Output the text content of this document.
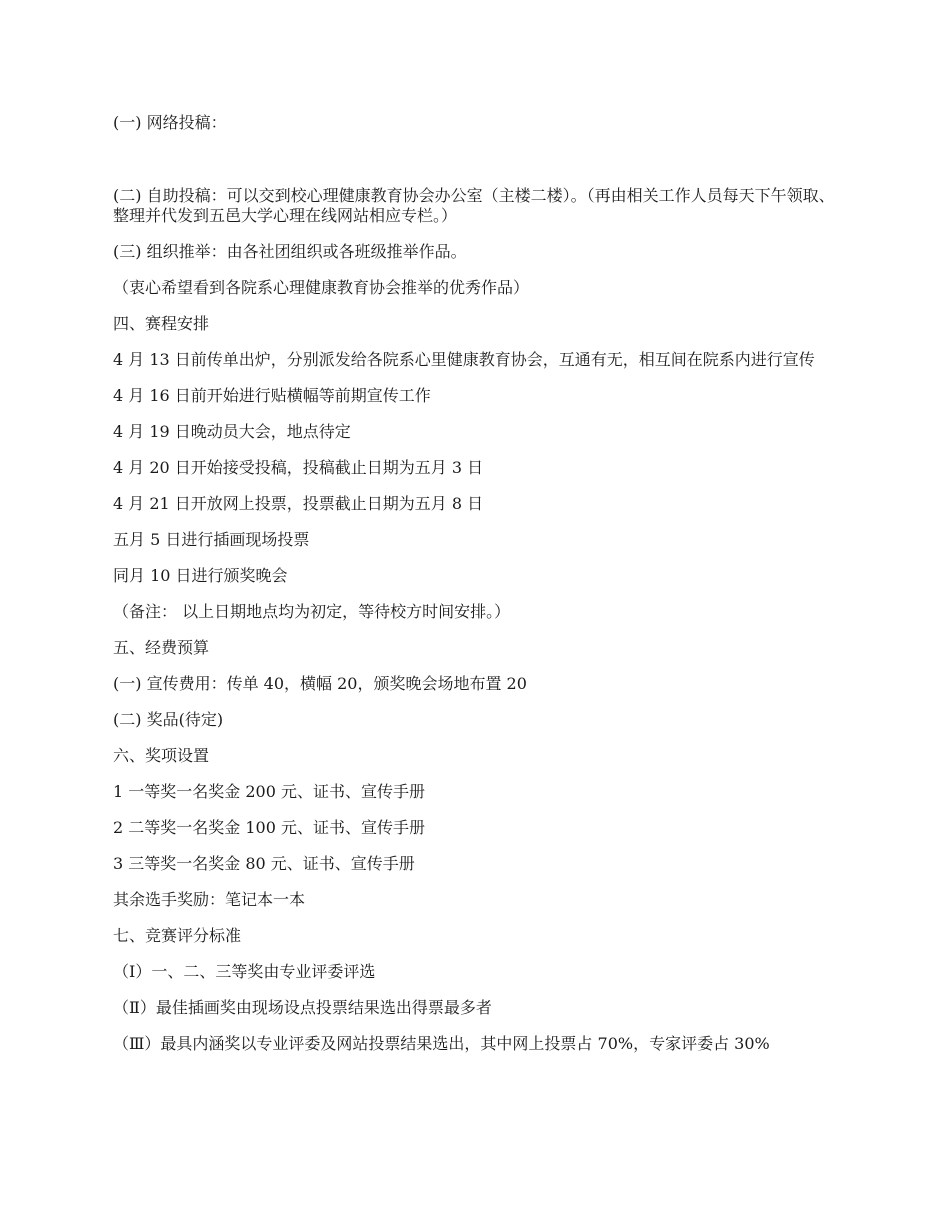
(一) 网络投稿：

(二) 自助投稿：可以交到校心理健康教育协会办公室（主楼二楼）。（再由相关工作人员每天下午领取、整理并代发到五邑大学心理在线网站相应专栏。）

(三) 组织推举：由各社团组织或各班级推举作品。

（衷心希望看到各院系心理健康教育协会推举的优秀作品）

四、赛程安排

4 月 13 日前传单出炉，分别派发给各院系心里健康教育协会，互通有无，相互间在院系内进行宣传

4 月 16 日前开始进行贴横幅等前期宣传工作

4 月 19 日晚动员大会，地点待定

4 月 20 日开始接受投稿，投稿截止日期为五月 3 日

4 月 21 日开放网上投票，投票截止日期为五月 8 日

五月 5 日进行插画现场投票

同月 10 日进行颁奖晚会

（备注： 以上日期地点均为初定，等待校方时间安排。）

五、经费预算

(一) 宣传费用：传单 40，横幅 20，颁奖晚会场地布置 20

(二) 奖品(待定)

六、奖项设置

1 一等奖一名奖金 200 元、证书、宣传手册

2 二等奖一名奖金 100 元、证书、宣传手册

3 三等奖一名奖金 80 元、证书、宣传手册

其余选手奖励：笔记本一本

七、竞赛评分标准

（Ⅰ）一、二、三等奖由专业评委评选

（Ⅱ）最佳插画奖由现场设点投票结果选出得票最多者

（Ⅲ）最具内涵奖以专业评委及网站投票结果选出，其中网上投票占 70%，专家评委占 30%
